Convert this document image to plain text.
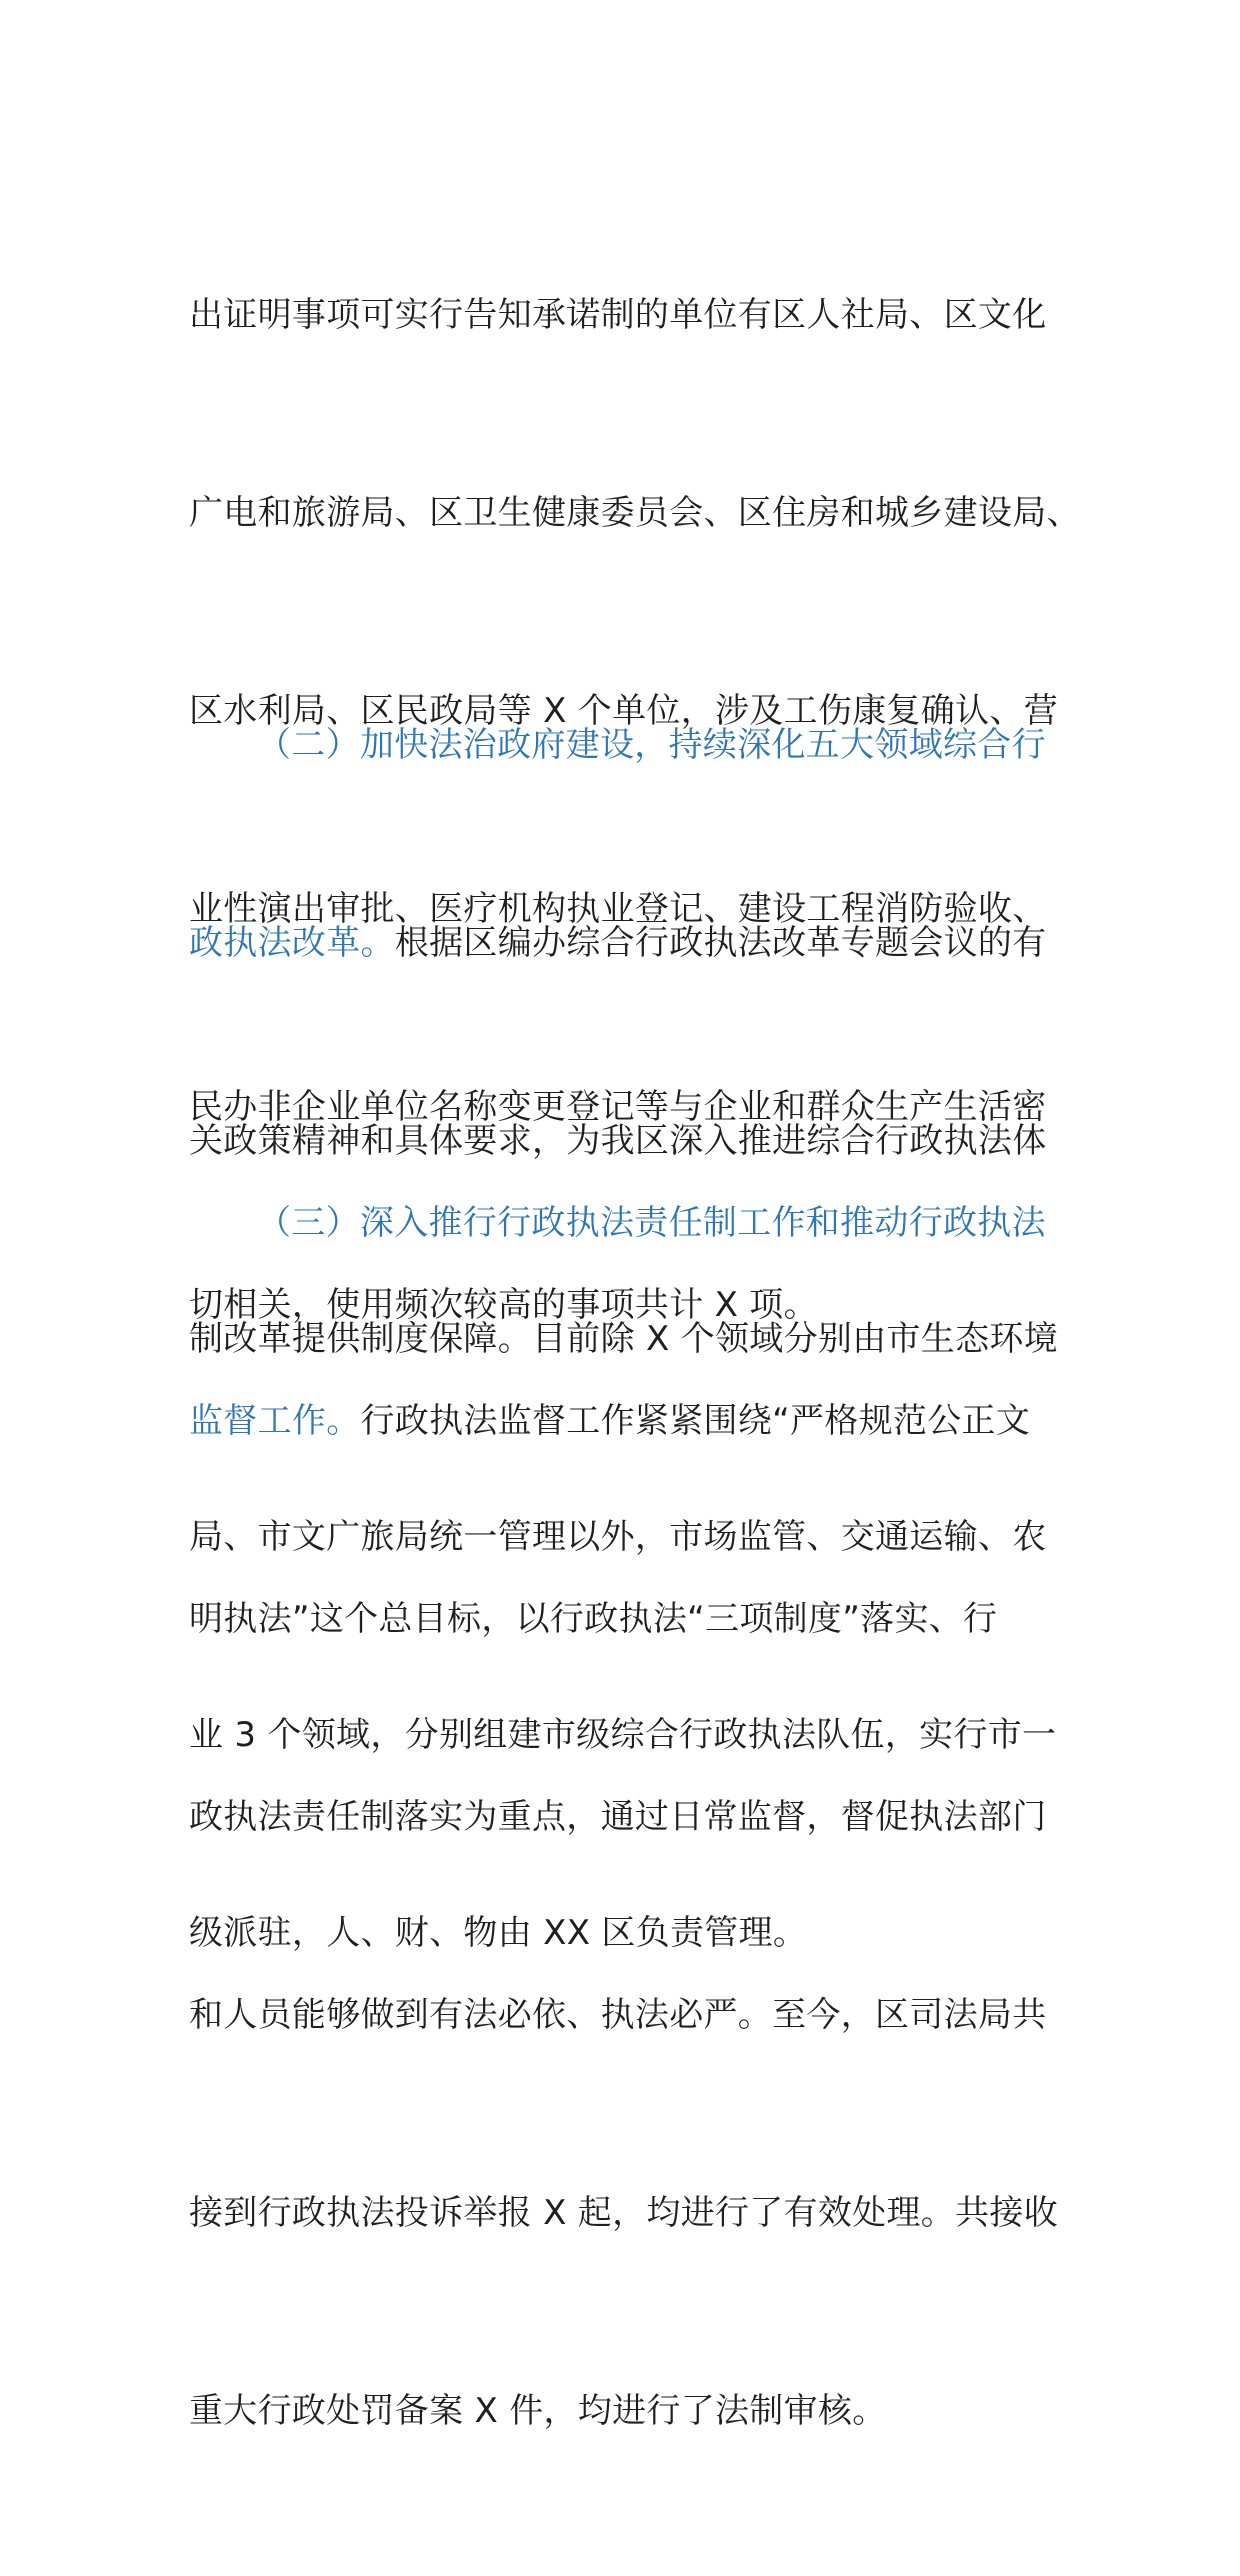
出证明事项可实行告知承诺制的单位有区人社局、区文化

广电和旅游局、区卫生健康委员会、区住房和城乡建设局、

区水利局、区民政局等 X 个单位，涉及工伤康复确认、营

业性演出审批、医疗机构执业登记、建设工程消防验收、

民办非企业单位名称变更登记等与企业和群众生产生活密

切相关，使用频次较高的事项共计 X 项。

（二）加快法治政府建设，持续深化五大领域综合行

政执法改革。根据区编办综合行政执法改革专题会议的有

关政策精神和具体要求，为我区深入推进综合行政执法体

制改革提供制度保障。目前除 X 个领域分别由市生态环境

局、市文广旅局统一管理以外，市场监管、交通运输、农

业 3 个领域，分别组建市级综合行政执法队伍，实行市一

级派驻，人、财、物由 XX 区负责管理。

（三）深入推行行政执法责任制工作和推动行政执法

监督工作。行政执法监督工作紧紧围绕“严格规范公正文

明执法”这个总目标，以行政执法“三项制度”落实、行

政执法责任制落实为重点，通过日常监督，督促执法部门

和人员能够做到有法必依、执法必严。至今，区司法局共

接到行政执法投诉举报 X 起，均进行了有效处理。共接收

重大行政处罚备案 X 件，均进行了法制审核。
